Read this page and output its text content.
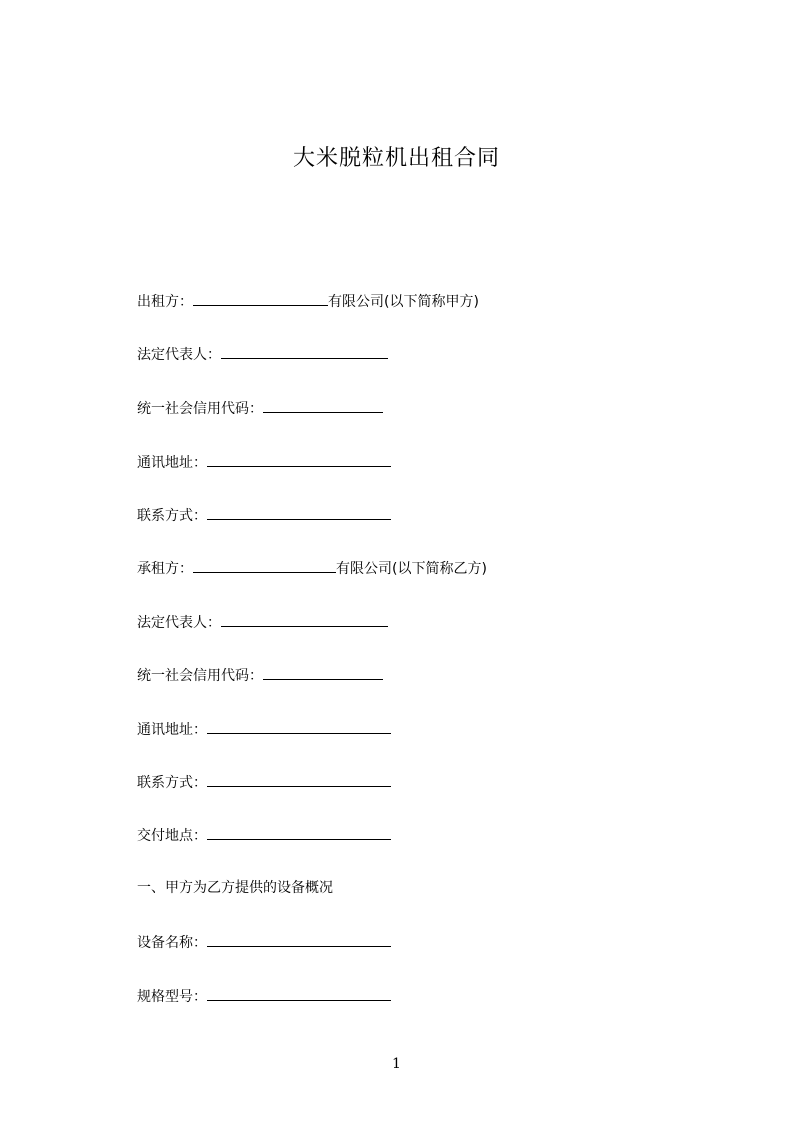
大米脱粒机出租合同
出租方：	有限公司(以下简称甲方)
法定代表人：
统一社会信用代码：
通讯地址：
联系方式：
承租方：	有限公司(以下简称乙方)
法定代表人：
统一社会信用代码：
通讯地址：
联系方式：
交付地点：
一、甲方为乙方提供的设备概况
设备名称：
规格型号：
1
